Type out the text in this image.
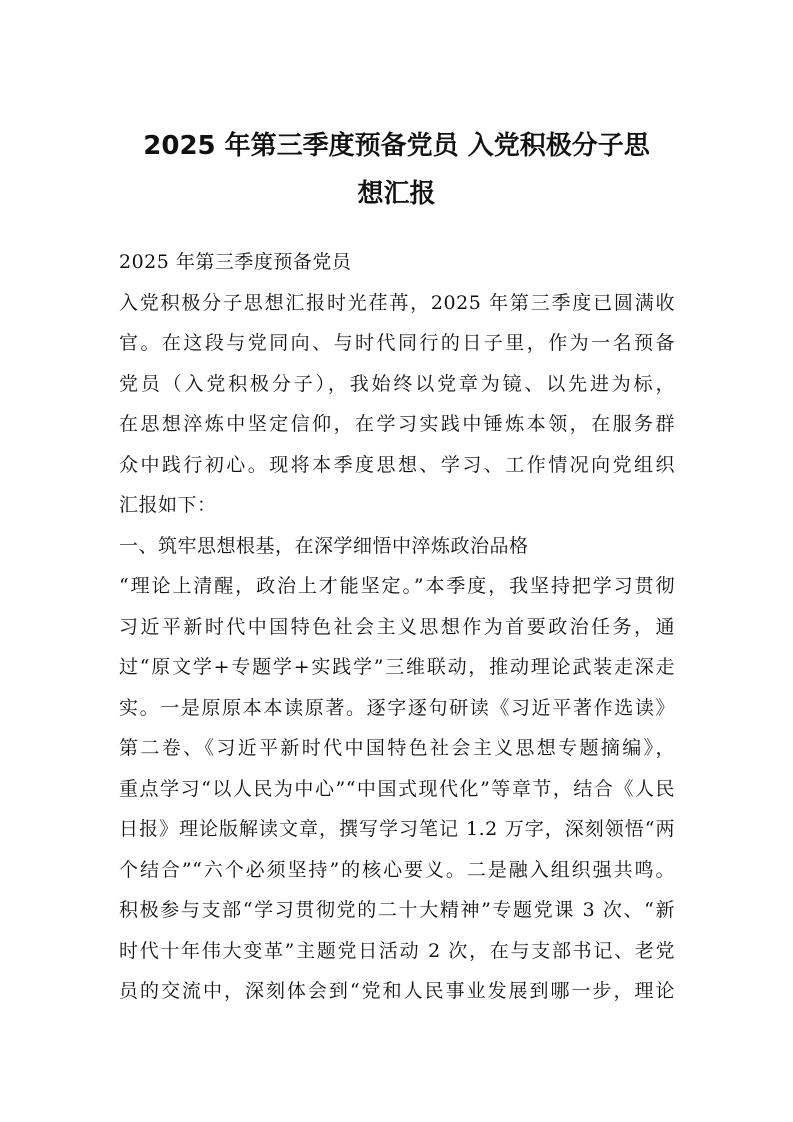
2025 年第三季度预备党员 入党积极分子思
想汇报
2025 年第三季度预备党员
入党积极分子思想汇报时光荏苒，2025 年第三季度已圆满收
官。在这段与党同向、与时代同行的日子里，作为一名预备
党员（入党积极分子），我始终以党章为镜、以先进为标，
在思想淬炼中坚定信仰，在学习实践中锤炼本领，在服务群
众中践行初心。现将本季度思想、学习、工作情况向党组织
汇报如下：
一、筑牢思想根基，在深学细悟中淬炼政治品格
“理论上清醒，政治上才能坚定。”本季度，我坚持把学习贯彻
习近平新时代中国特色社会主义思想作为首要政治任务，通
过“原文学+专题学+实践学”三维联动，推动理论武装走深走
实。一是原原本本读原著。逐字逐句研读《习近平著作选读》
第二卷、《习近平新时代中国特色社会主义思想专题摘编》，
重点学习“以人民为中心”“中国式现代化”等章节，结合《人民
日报》理论版解读文章，撰写学习笔记 1.2 万字，深刻领悟“两
个结合”“六个必须坚持”的核心要义。二是融入组织强共鸣。
积极参与支部“学习贯彻党的二十大精神”专题党课 3 次、“新
时代十年伟大变革”主题党日活动 2 次，在与支部书记、老党
员的交流中，深刻体会到“党和人民事业发展到哪一步，理论
